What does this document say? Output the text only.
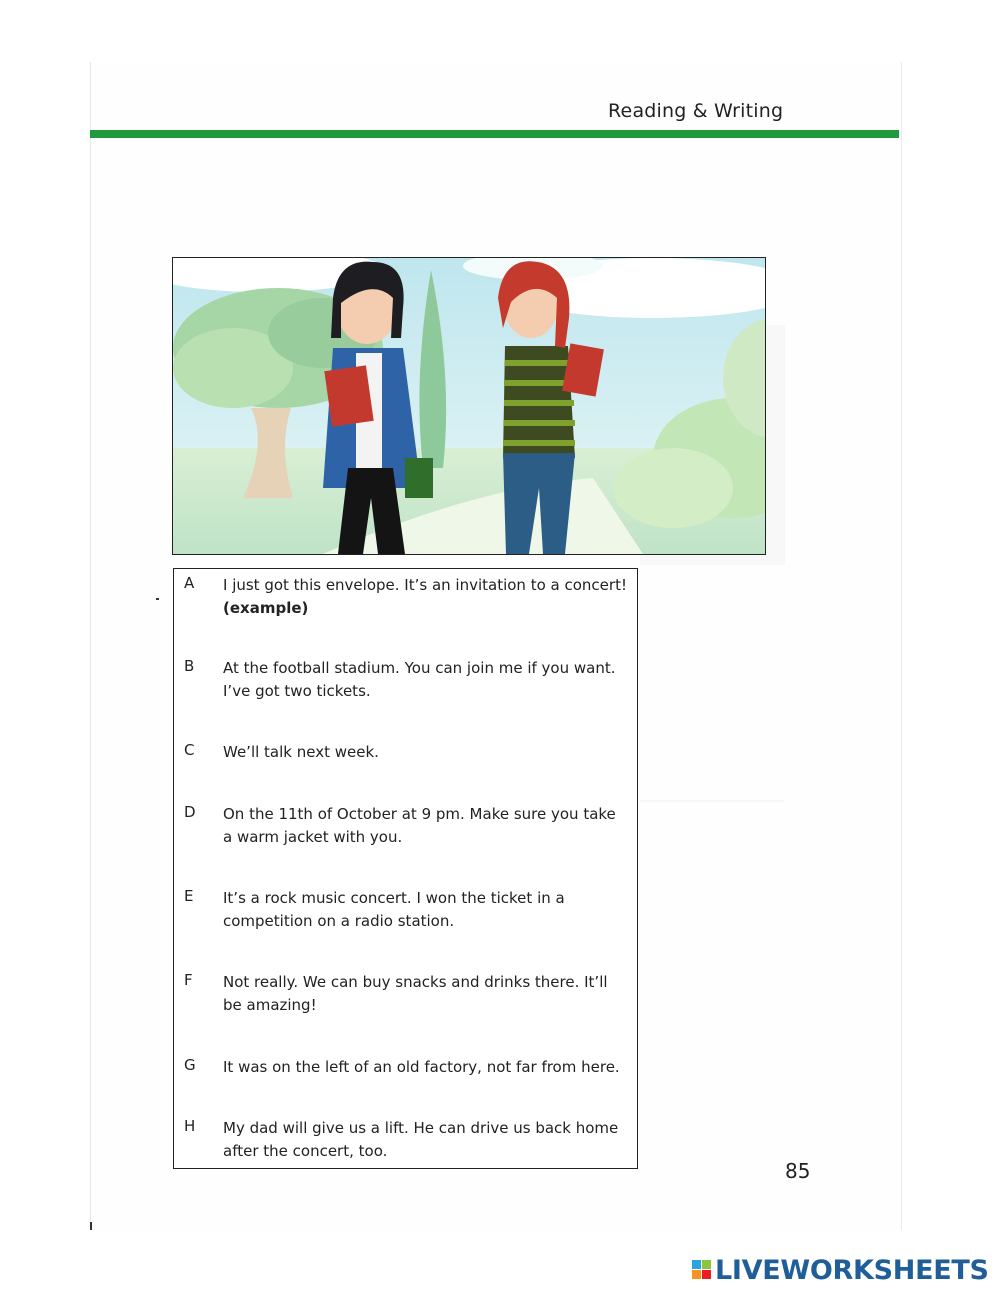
Reading & Writing
A I just got this envelope. It’s an invitation to a concert!
(example)
B At the football stadium. You can join me if you want. I’ve got two tickets.
C We’ll talk next week.
D On the 11th of October at 9 pm. Make sure you take a warm jacket with you.
E It’s a rock music concert. I won the ticket in a competition on a radio station.
F Not really. We can buy snacks and drinks there. It’ll be amazing!
G It was on the left of an old factory, not far from here.
H My dad will give us a lift. He can drive us back home after the concert, too.
85
LIVEWORKSHEETS
